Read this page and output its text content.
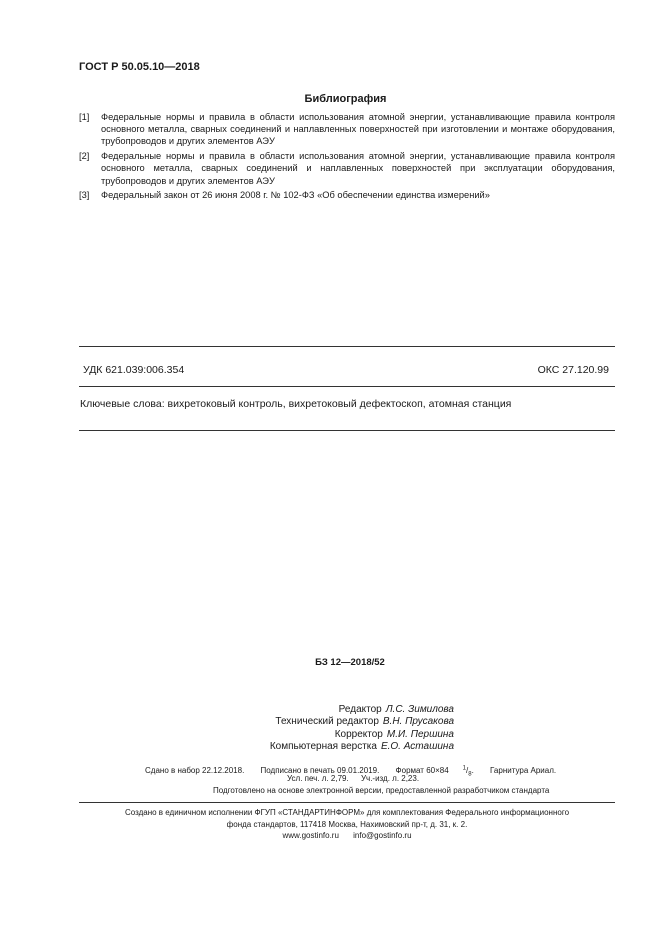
ГОСТ Р 50.05.10—2018
Библиография
[1] Федеральные нормы и правила в области использования атомной энергии, устанавливающие правила контроля основного металла, сварных соединений и наплавленных поверхностей при изготовлении и монтаже оборудования, трубопроводов и других элементов АЭУ
[2] Федеральные нормы и правила в области использования атомной энергии, устанавливающие правила контроля основного металла, сварных соединений и наплавленных поверхностей при эксплуатации оборудования, трубопроводов и других элементов АЭУ
[3] Федеральный закон от 26 июня 2008 г. № 102-ФЗ «Об обеспечении единства измерений»
УДК 621.039:006.354	ОКС 27.120.99
Ключевые слова: вихретоковый контроль, вихретоковый дефектоскоп, атомная станция
БЗ 12—2018/52
Редактор Л.С. Зимилова
Технический редактор В.Н. Прусакова
Корректор М.И. Першина
Компьютерная верстка Е.О. Асташина
Сдано в набор 22.12.2018. Подписано в печать 09.01.2019. Формат 60×84 $^1/_8$. Гарнитура Ариал.
Усл. печ. л. 2,79. Уч.-изд. л. 2,23.
Подготовлено на основе электронной версии, предоставленной разработчиком стандарта
Создано в единичном исполнении ФГУП «СТАНДАРТИНФОРМ» для комплектования Федерального информационного
фонда стандартов, 117418 Москва, Нахимовский пр-т, д. 31, к. 2.
www.gostinfo.ru info@gostinfo.ru
